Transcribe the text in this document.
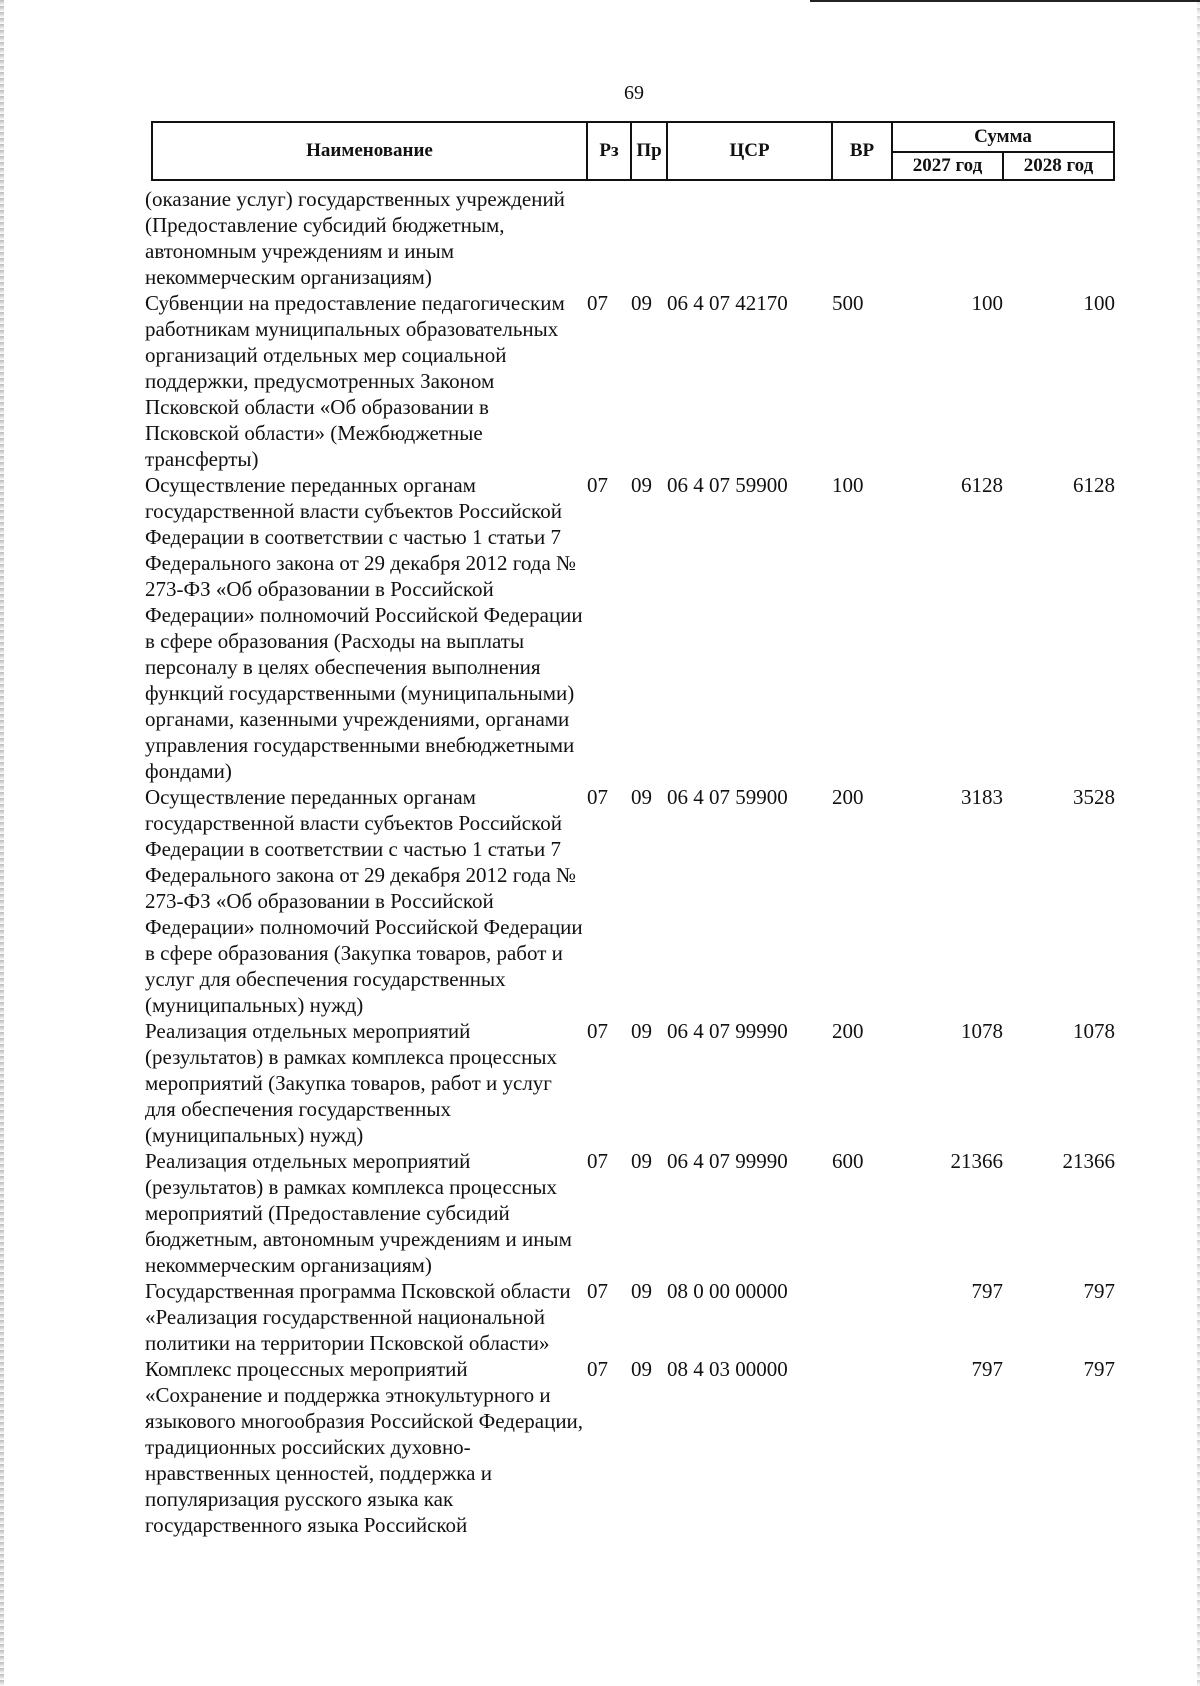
69
Наименование	Рз	Пр	ЦСР	ВР	Сумма	
					2027 год	2028 год
(оказание услуг) государственных учреждений (Предоставление субсидий бюджетным, автономным учреждениям и иным некоммерческим организациям)						
Субвенции на предоставление педагогическим работникам муниципальных образовательных организаций отдельных мер социальной поддержки, предусмотренных Законом Псковской области «Об образовании в Псковской области» (Межбюджетные трансферты)	07	09	06 4 07 42170	500	100	100
Осуществление переданных органам государственной власти субъектов Российской Федерации в соответствии с частью 1 статьи 7 Федерального закона от 29 декабря 2012 года № 273-ФЗ «Об образовании в Российской Федерации» полномочий Российской Федерации в сфере образования (Расходы на выплаты персоналу в целях обеспечения выполнения функций государственными (муниципальными) органами, казенными учреждениями, органами управления государственными внебюджетными фондами)	07	09	06 4 07 59900	100	6128	6128
Осуществление переданных органам государственной власти субъектов Российской Федерации в соответствии с частью 1 статьи 7 Федерального закона от 29 декабря 2012 года № 273-ФЗ «Об образовании в Российской Федерации» полномочий Российской Федерации в сфере образования (Закупка товаров, работ и услуг для обеспечения государственных (муниципальных) нужд)	07	09	06 4 07 59900	200	3183	3528
Реализация отдельных мероприятий (результатов) в рамках комплекса процессных мероприятий (Закупка товаров, работ и услуг для обеспечения государственных (муниципальных) нужд)	07	09	06 4 07 99990	200	1078	1078
Реализация отдельных мероприятий (результатов) в рамках комплекса процессных мероприятий (Предоставление субсидий бюджетным, автономным учреждениям и иным некоммерческим организациям)	07	09	06 4 07 99990	600	21366	21366
Государственная программа Псковской области «Реализация государственной национальной политики на территории Псковской области»	07	09	08 0 00 00000		797	797
Комплекс процессных мероприятий «Сохранение и поддержка этнокультурного и языкового многообразия Российской Федерации, традиционных российских духовно-нравственных ценностей, поддержка и популяризация русского языка как государственного языка Российской	07	09	08 4 03 00000		797	797
